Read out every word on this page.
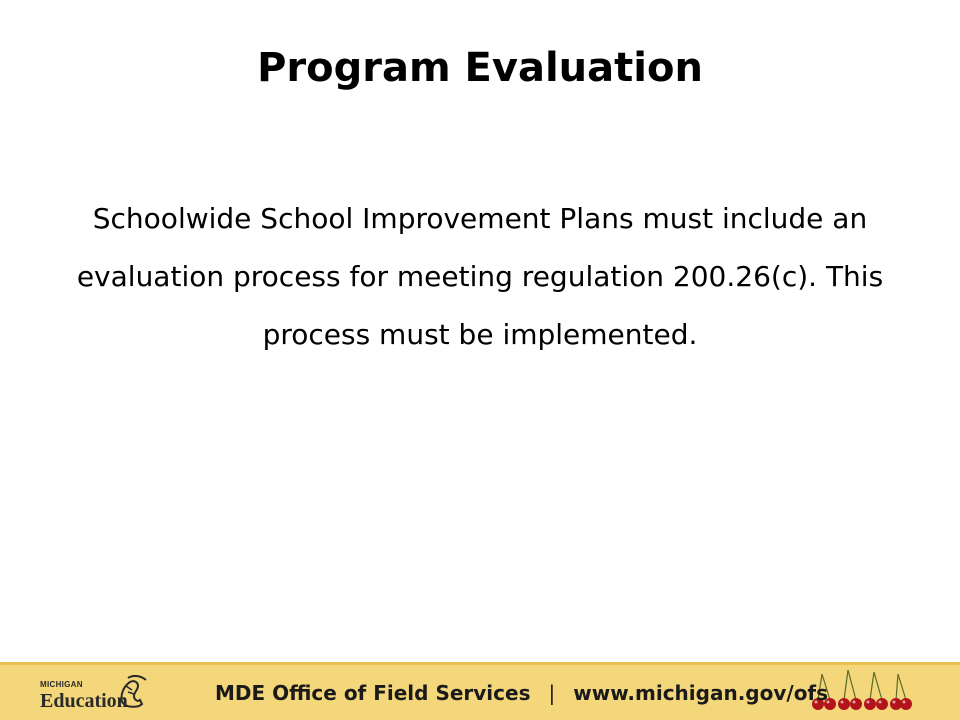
Program Evaluation
Schoolwide School Improvement Plans must include an evaluation process for meeting regulation 200.26(c). This process must be implemented.
MICHIGAN
Education	MDE Office of Field Services | www.michigan.gov/ofs
